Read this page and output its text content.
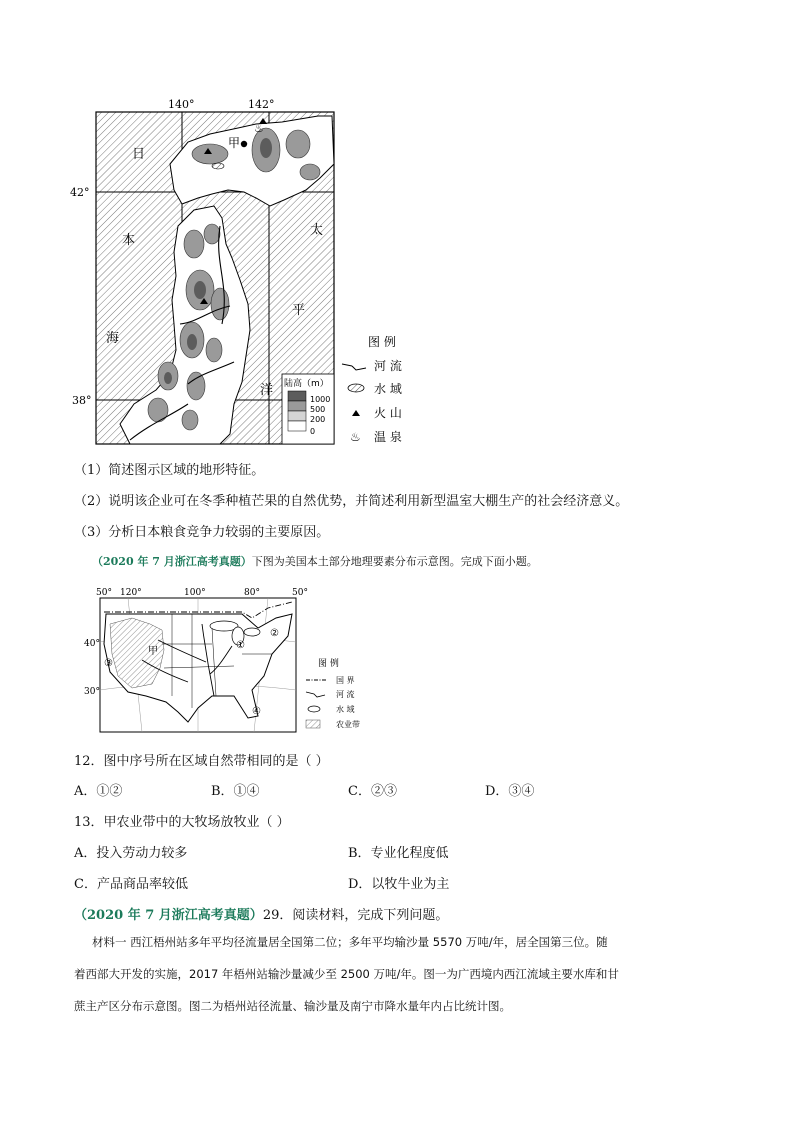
♨
甲
日
本
海
太
平
洋
140°	142°
42°
38°
陆高（m）
1000
500
200
0
图 例
河 流
水 域
火 山
♨ 温 泉
（1）简述图示区域的地形特征。
（2）说明该企业可在冬季种植芒果的自然优势，并简述利用新型温室大棚生产的社会经济意义。
（3）分析日本粮食竞争力较弱的主要原因。
（2020 年 7 月浙江高考真题）下图为美国本土部分地理要素分布示意图。完成下面小题。
①
②
③
④
甲
50° 120°	100°	80°	50°
40°
30°
图 例
国 界
河 流
水 域
农业带
12．图中序号所在区域自然带相同的是（ ）
A．①②	B．①④	C．②③	D．③④
13．甲农业带中的大牧场放牧业（ ）
A．投入劳动力较多	B．专业化程度低
C．产品商品率较低	D．以牧牛业为主
（2020 年 7 月浙江高考真题）29．阅读材料，完成下列问题。
材料一 西江梧州站多年平均径流量居全国第二位；多年平均输沙量 5570 万吨/年，居全国第三位。随
着西部大开发的实施，2017 年梧州站输沙量减少至 2500 万吨/年。图一为广西境内西江流域主要水库和甘
蔗主产区分布示意图。图二为梧州站径流量、输沙量及南宁市降水量年内占比统计图。
